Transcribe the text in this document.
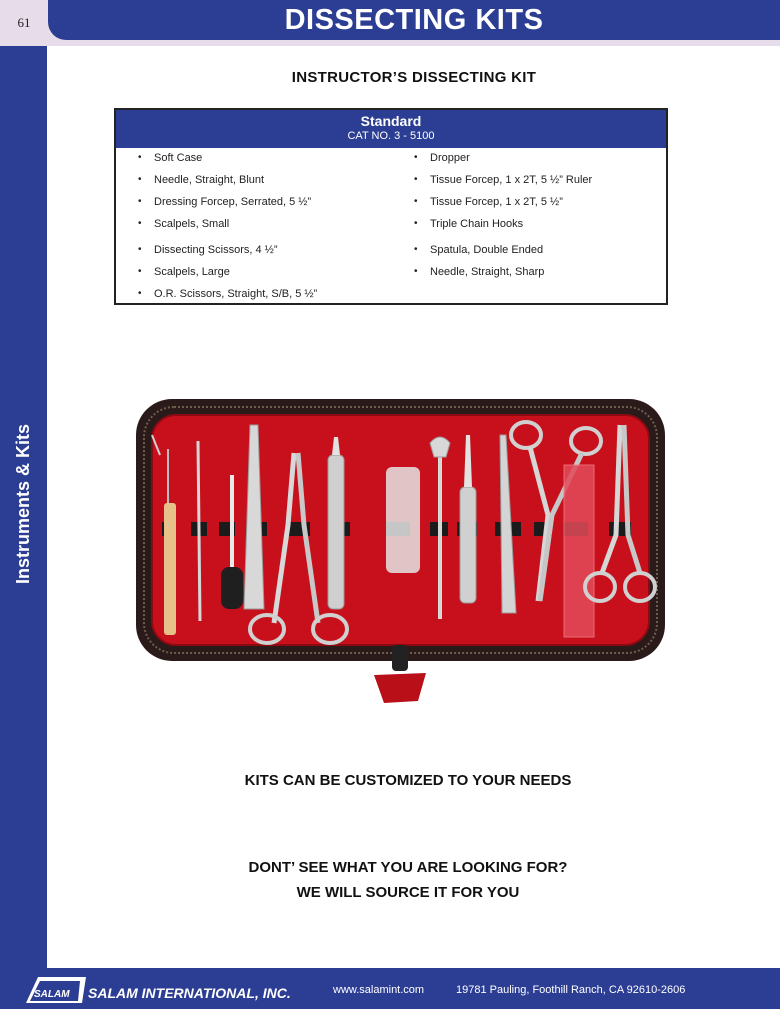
61	DISSECTING KITS
Instruments & Kits
INSTRUCTOR’S DISSECTING KIT
Standard
CAT NO. 3 - 5100
• Soft Case
• Needle, Straight, Blunt
• Dressing Forcep, Serrated, 5 ½”
• Scalpels, Small
• Dissecting Scissors, 4 ½”
• Scalpels, Large
• O.R. Scissors, Straight, S/B, 5 ½”
• Dropper
• Tissue Forcep, 1 x 2T, 5 ½” Ruler
• Tissue Forcep, 1 x 2T, 5 ½”
• Triple Chain Hooks
• Spatula, Double Ended
• Needle, Straight, Sharp
KITS CAN BE CUSTOMIZED TO YOUR NEEDS
DONT’ SEE WHAT YOU ARE LOOKING FOR?
WE WILL SOURCE IT FOR YOU
SALAM SALAM INTERNATIONAL, INC.	www.salamint.com	19781 Pauling, Foothill Ranch, CA 92610-2606
